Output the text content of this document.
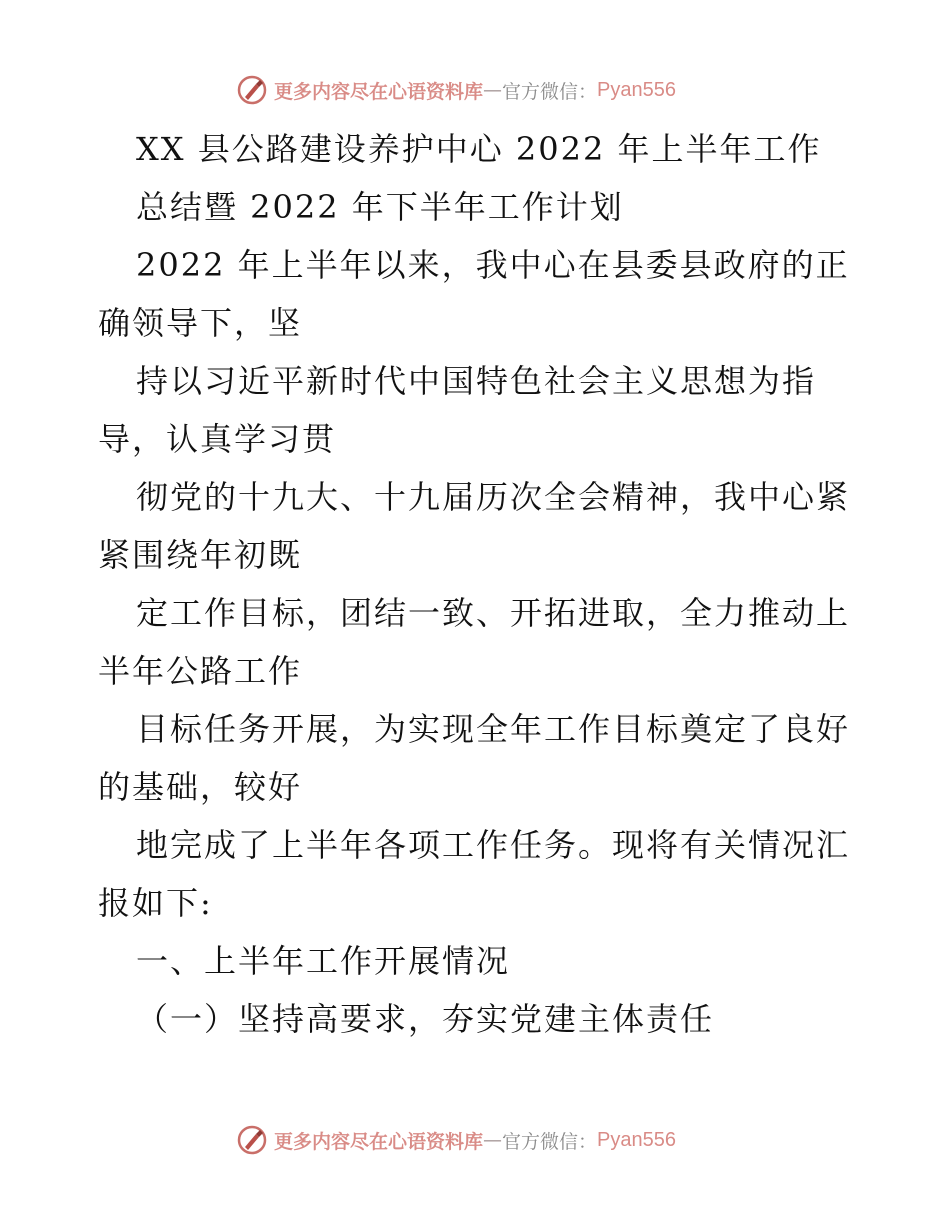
更多内容尽在心语资料库 — 官方微信： Pyan556
XX 县公路建设养护中心 2022 年上半年工作
总结暨 2022 年下半年工作计划
2022 年上半年以来，我中心在县委县政府的正
确领导下，坚
持以习近平新时代中国特色社会主义思想为指
导，认真学习贯
彻党的十九大、十九届历次全会精神，我中心紧
紧围绕年初既
定工作目标，团结一致、开拓进取，全力推动上
半年公路工作
目标任务开展，为实现全年工作目标奠定了良好
的基础，较好
地完成了上半年各项工作任务。现将有关情况汇
报如下:
一、上半年工作开展情况
（一）坚持高要求，夯实党建主体责任
更多内容尽在心语资料库 — 官方微信： Pyan556
